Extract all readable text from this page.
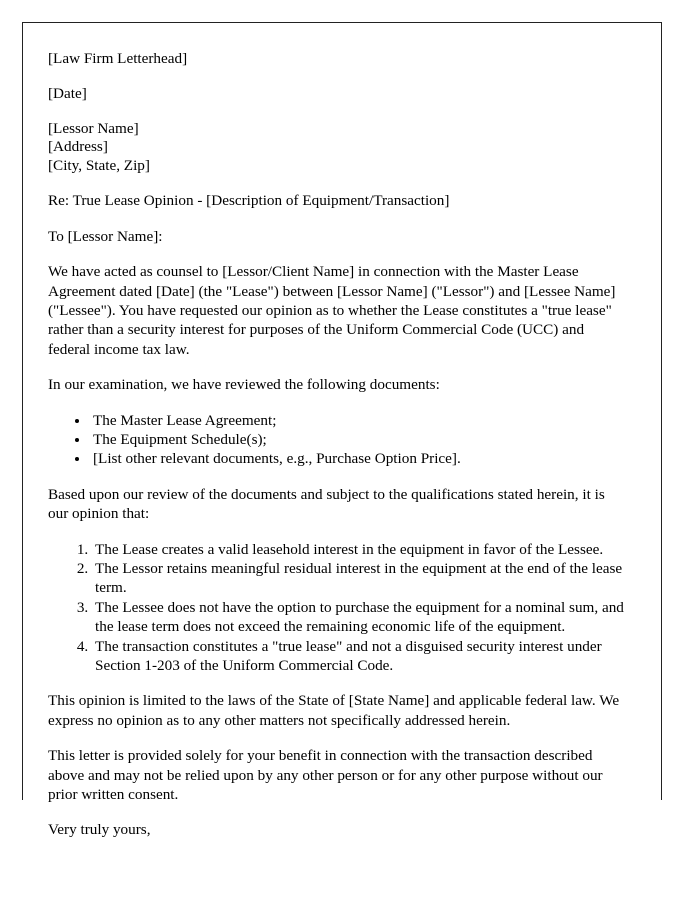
[Law Firm Letterhead]

[Date]

[Lessor Name]
[Address]
[City, State, Zip]

Re: True Lease Opinion - [Description of Equipment/Transaction]

To [Lessor Name]:

We have acted as counsel to [Lessor/Client Name] in connection with the Master Lease Agreement dated [Date] (the "Lease") between [Lessor Name] ("Lessor") and [Lessee Name] ("Lessee"). You have requested our opinion as to whether the Lease constitutes a "true lease" rather than a security interest for purposes of the Uniform Commercial Code (UCC) and federal income tax law.

In our examination, we have reviewed the following documents:

• The Master Lease Agreement;
• The Equipment Schedule(s);
• [List other relevant documents, e.g., Purchase Option Price].

Based upon our review of the documents and subject to the qualifications stated herein, it is our opinion that:

1. The Lease creates a valid leasehold interest in the equipment in favor of the Lessee.
2. The Lessor retains meaningful residual interest in the equipment at the end of the lease term.
3. The Lessee does not have the option to purchase the equipment for a nominal sum, and the lease term does not exceed the remaining economic life of the equipment.
4. The transaction constitutes a "true lease" and not a disguised security interest under Section 1-203 of the Uniform Commercial Code.

This opinion is limited to the laws of the State of [State Name] and applicable federal law. We express no opinion as to any other matters not specifically addressed herein.

This letter is provided solely for your benefit in connection with the transaction described above and may not be relied upon by any other person or for any other purpose without our prior written consent.

Very truly yours,
